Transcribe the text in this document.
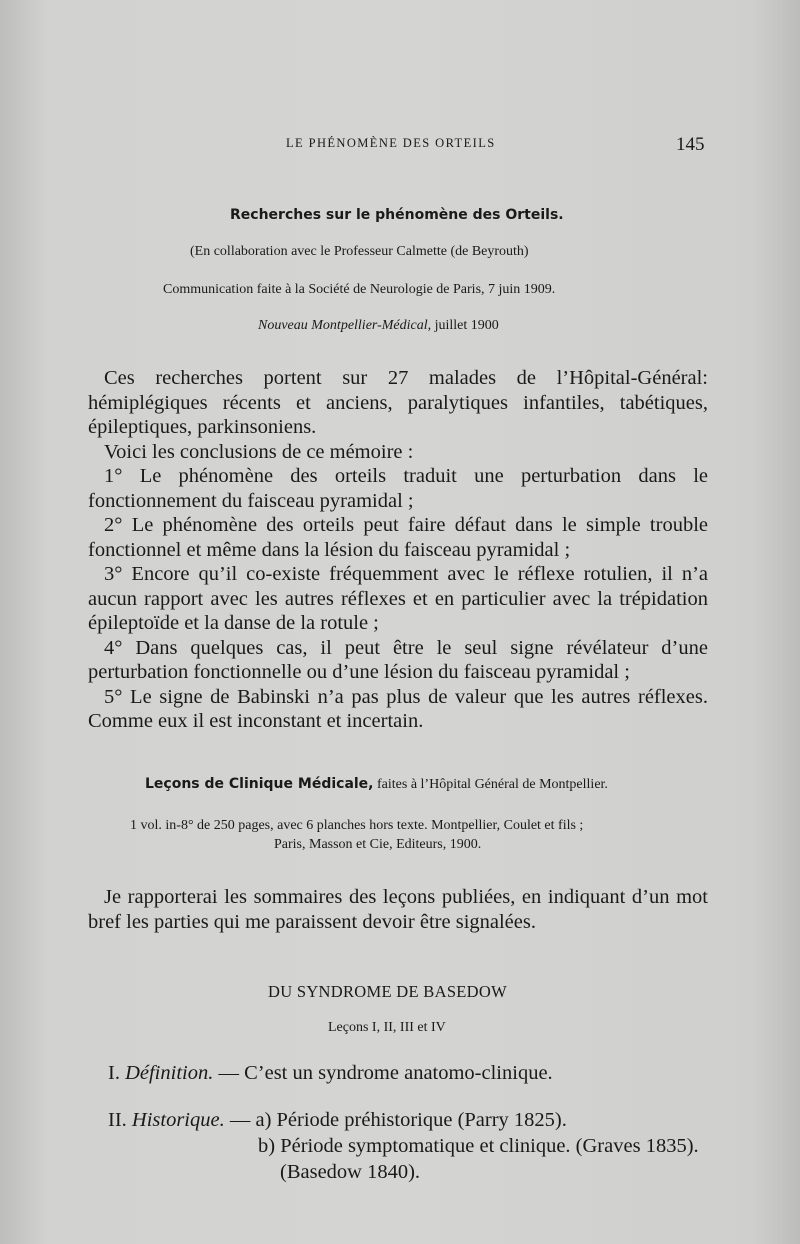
LE PHÉNOMÈNE DES ORTEILS	145
Recherches sur le phénomène des Orteils.
(En collaboration avec le Professeur Calmette (de Beyrouth)
Communication faite à la Société de Neurologie de Paris, 7 juin 1909.
Nouveau Montpellier-Médical, juillet 1900

Ces recherches portent sur 27 malades de l’Hôpital-Général: hémiplégiques récents et anciens, paralytiques infantiles, tabétiques, épileptiques, parkinsoniens.

Voici les conclusions de ce mémoire :

1° Le phénomène des orteils traduit une perturbation dans le fonctionnement du faisceau pyramidal ;

2° Le phénomène des orteils peut faire défaut dans le simple trouble fonctionnel et même dans la lésion du faisceau pyramidal ;

3° Encore qu’il co-existe fréquemment avec le réflexe rotulien, il n’a aucun rapport avec les autres réflexes et en particulier avec la trépidation épileptoïde et la danse de la rotule ;

4° Dans quelques cas, il peut être le seul signe révélateur d’une perturbation fonctionnelle ou d’une lésion du faisceau pyramidal ;

5° Le signe de Babinski n’a pas plus de valeur que les autres réflexes. Comme eux il est inconstant et incertain.

Leçons de Clinique Médicale, faites à l’Hôpital Général de Montpellier.
1 vol. in-8° de 250 pages, avec 6 planches hors texte. Montpellier, Coulet et fils ;
Paris, Masson et Cie, Editeurs, 1900.

Je rapporterai les sommaires des leçons publiées, en indiquant d’un mot bref les parties qui me paraissent devoir être signalées.

DU SYNDROME DE BASEDOW
Leçons I, II, III et IV
I. Définition. — C’est un syndrome anatomo-clinique.
II. Historique. — a) Période préhistorique (Parry 1825).
b) Période symptomatique et clinique. (Graves 1835).
(Basedow 1840).
